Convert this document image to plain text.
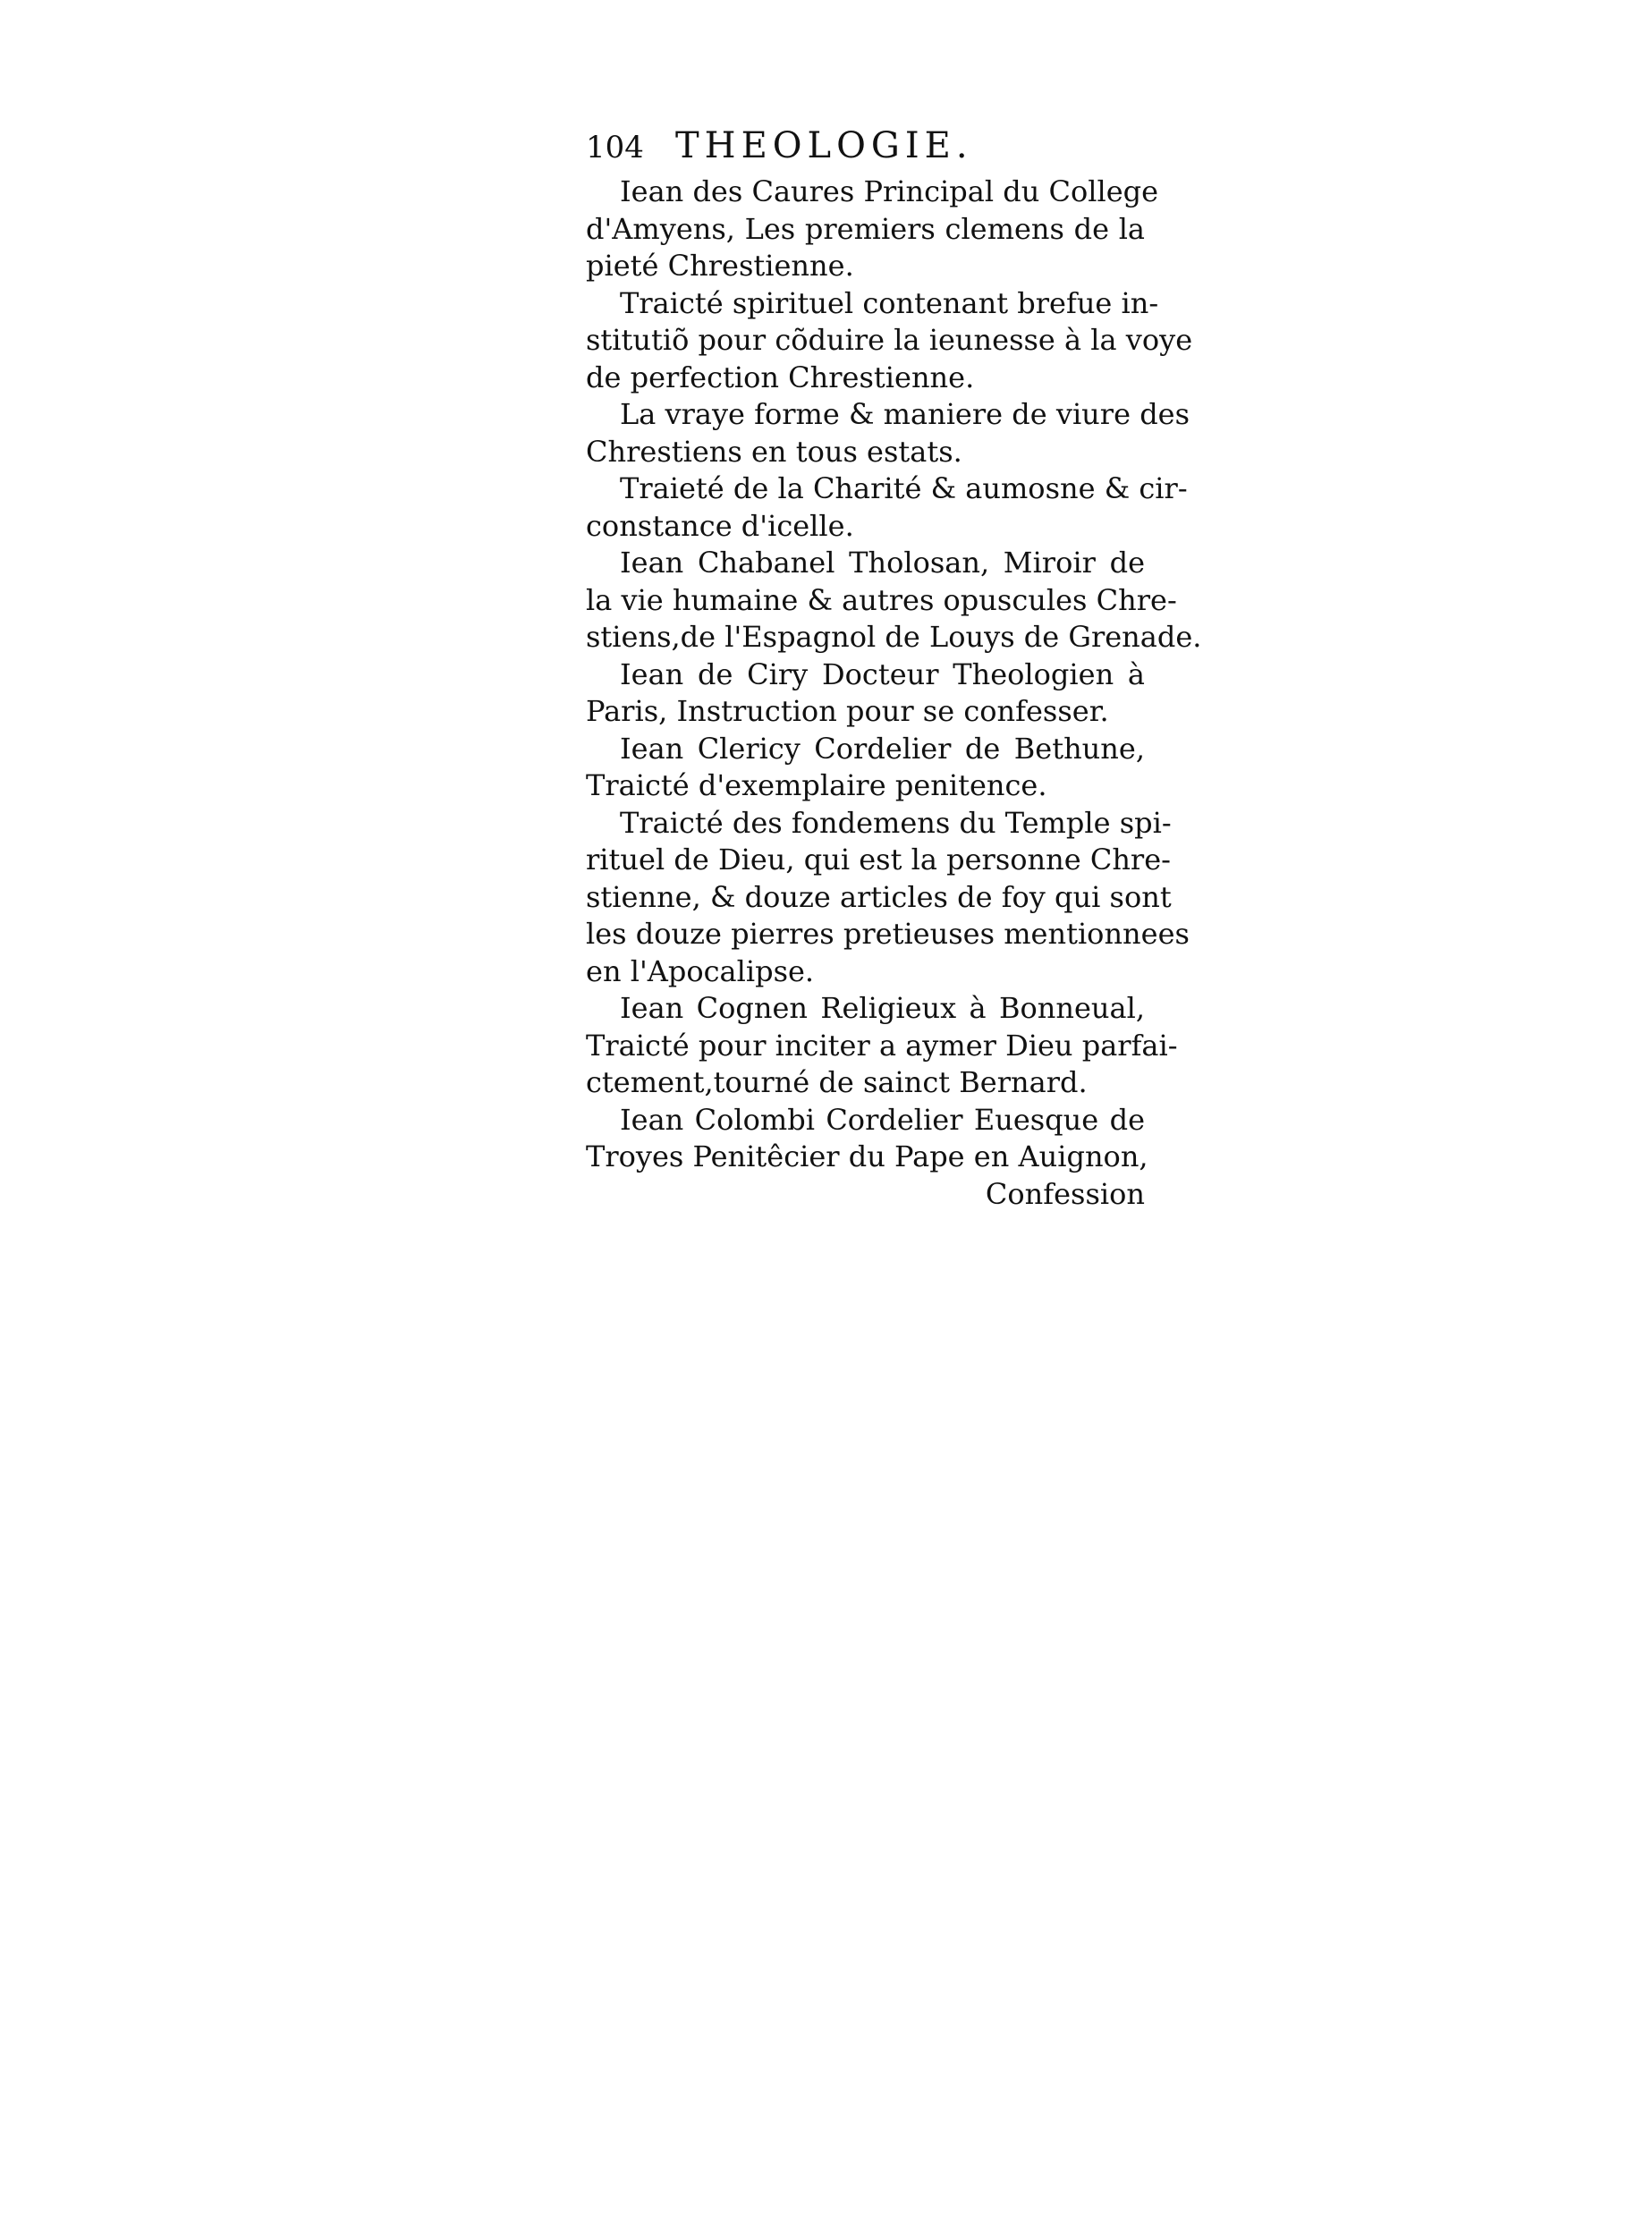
104 THEOLOGIE.
Iean des Caures Principal du College
d'Amyens, Les premiers clemens de la
pieté Chrestienne.
Traicté spirituel contenant brefue in-
stitutiõ pour cõduire la ieunesse à la voye
de perfection Chrestienne.
La vraye forme & maniere de viure des
Chrestiens en tous estats.
Traieté de la Charité & aumosne & cir-
constance d'icelle.
Iean Chabanel Tholosan, Miroir de
la vie humaine & autres opuscules Chre-
stiens,de l'Espagnol de Louys de Grenade.
Iean de Ciry Docteur Theologien à
Paris, Instruction pour se confesser.
Iean Clericy Cordelier de Bethune,
Traicté d'exemplaire penitence.
Traicté des fondemens du Temple spi-
rituel de Dieu, qui est la personne Chre-
stienne, & douze articles de foy qui sont
les douze pierres pretieuses mentionnees
en l'Apocalipse.
Iean Cognen Religieux à Bonneual,
Traicté pour inciter a aymer Dieu parfai-
ctement,tourné de sainct Bernard.
Iean Colombi Cordelier Euesque de
Troyes Penitêcier du Pape en Auignon,
Confession
